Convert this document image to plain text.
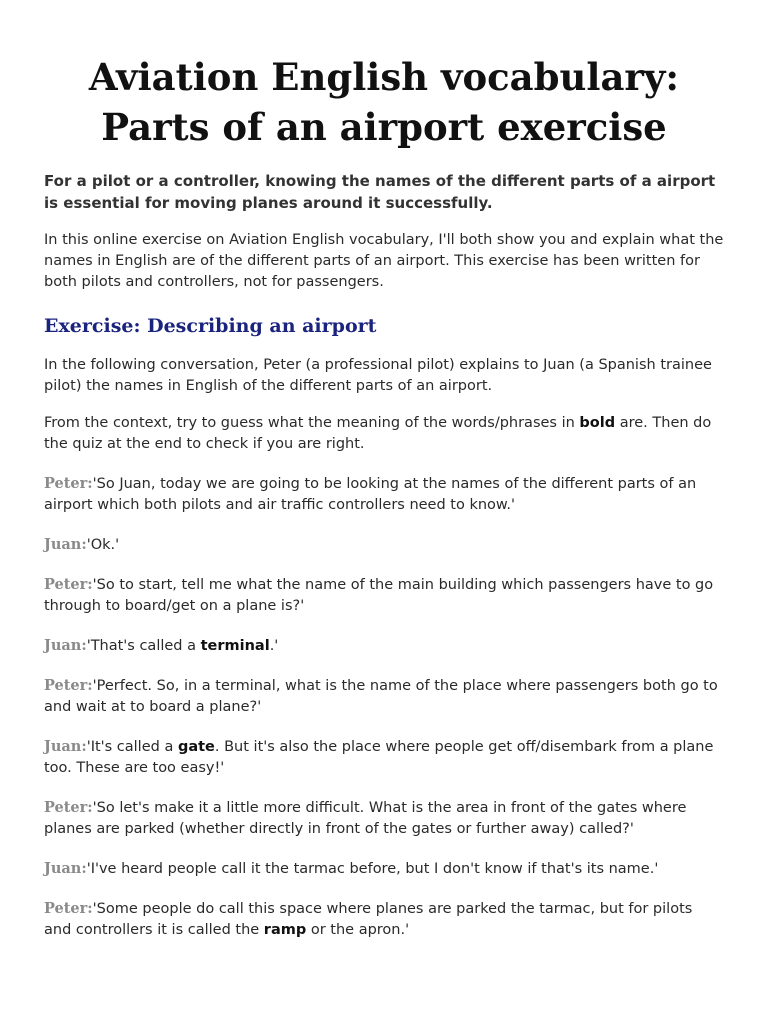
Aviation English vocabulary:
Parts of an airport exercise

For a pilot or a controller, knowing the names of the different parts of a airport is essential for moving planes around it successfully.

In this online exercise on Aviation English vocabulary, I'll both show you and explain what the names in English are of the different parts of an airport. This exercise has been written for both pilots and controllers, not for passengers.

Exercise: Describing an airport

In the following conversation, Peter (a professional pilot) explains to Juan (a Spanish trainee pilot) the names in English of the different parts of an airport.

From the context, try to guess what the meaning of the words/phrases in bold are. Then do the quiz at the end to check if you are right.

Peter:'So Juan, today we are going to be looking at the names of the different parts of an airport which both pilots and air traffic controllers need to know.'

Juan:'Ok.'

Peter:'So to start, tell me what the name of the main building which passengers have to go through to board/get on a plane is?'

Juan:'That's called a terminal.'

Peter:'Perfect. So, in a terminal, what is the name of the place where passengers both go to and wait at to board a plane?'

Juan:'It's called a gate. But it's also the place where people get off/disembark from a plane too. These are too easy!'

Peter:'So let's make it a little more difficult. What is the area in front of the gates where planes are parked (whether directly in front of the gates or further away) called?'

Juan:'I've heard people call it the tarmac before, but I don't know if that's its name.'

Peter:'Some people do call this space where planes are parked the tarmac, but for pilots and controllers it is called the ramp or the apron.'
